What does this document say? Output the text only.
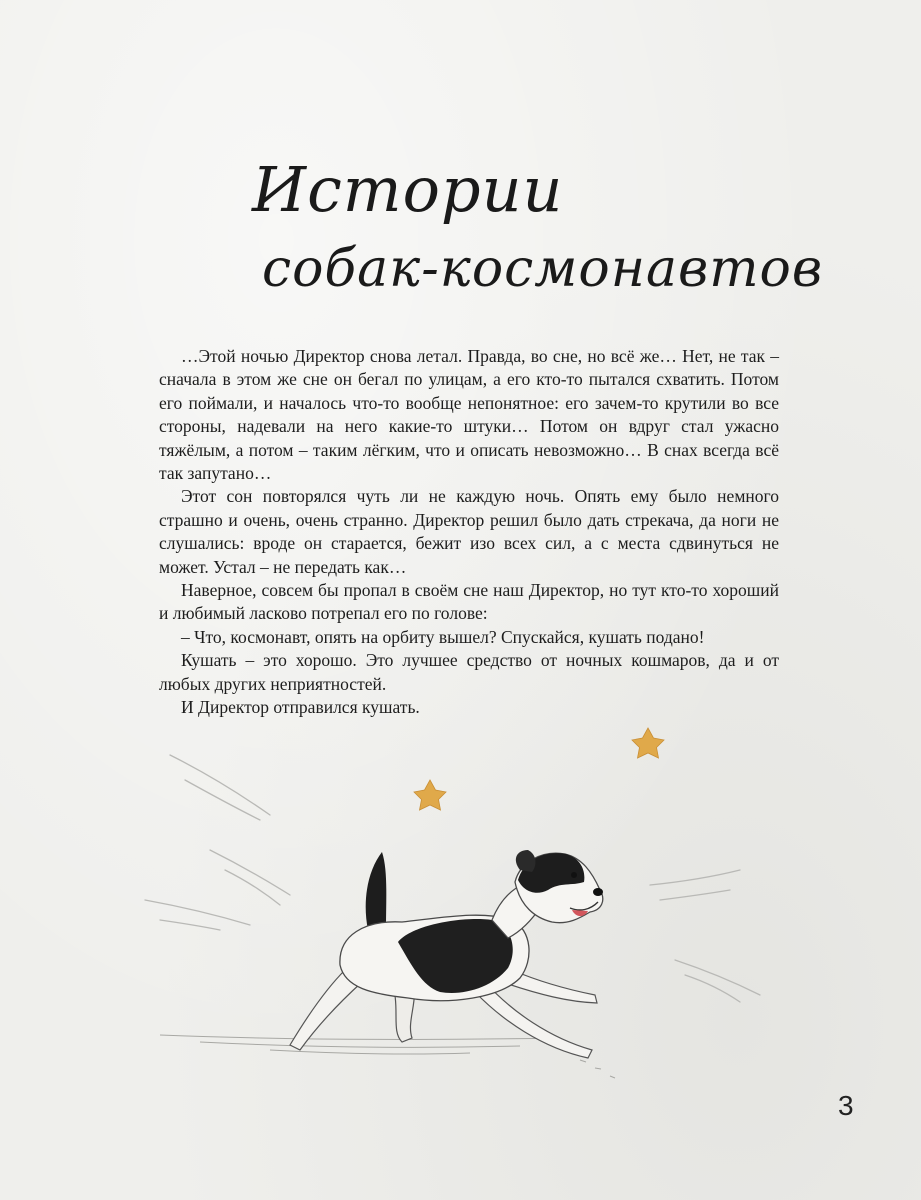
Истории
собак-космонавтов

…Этой ночью Директор снова летал. Правда, во сне, но всё же… Нет, не так – сначала в этом же сне он бегал по улицам, а его кто-то пытался схватить. Потом его поймали, и началось что-то вообще непонятное: его зачем-то крутили во все стороны, надевали на него какие-то штуки… Потом он вдруг стал ужасно тяжёлым, а потом – таким лёгким, что и описать невозможно… В снах всегда всё так запутано…

Этот сон повторялся чуть ли не каждую ночь. Опять ему было немного страшно и очень, очень странно. Директор решил было дать стрекача, да ноги не слушались: вроде он старается, бежит изо всех сил, а с места сдвинуться не может. Устал – не передать как…

Наверное, совсем бы пропал в своём сне наш Директор, но тут кто-то хороший и любимый ласково потрепал его по голове:

– Что, космонавт, опять на орбиту вышел? Спускайся, кушать подано!

Кушать – это хорошо. Это лучшее средство от ночных кошмаров, да и от любых других неприятностей.

И Директор отправился кушать.

3
